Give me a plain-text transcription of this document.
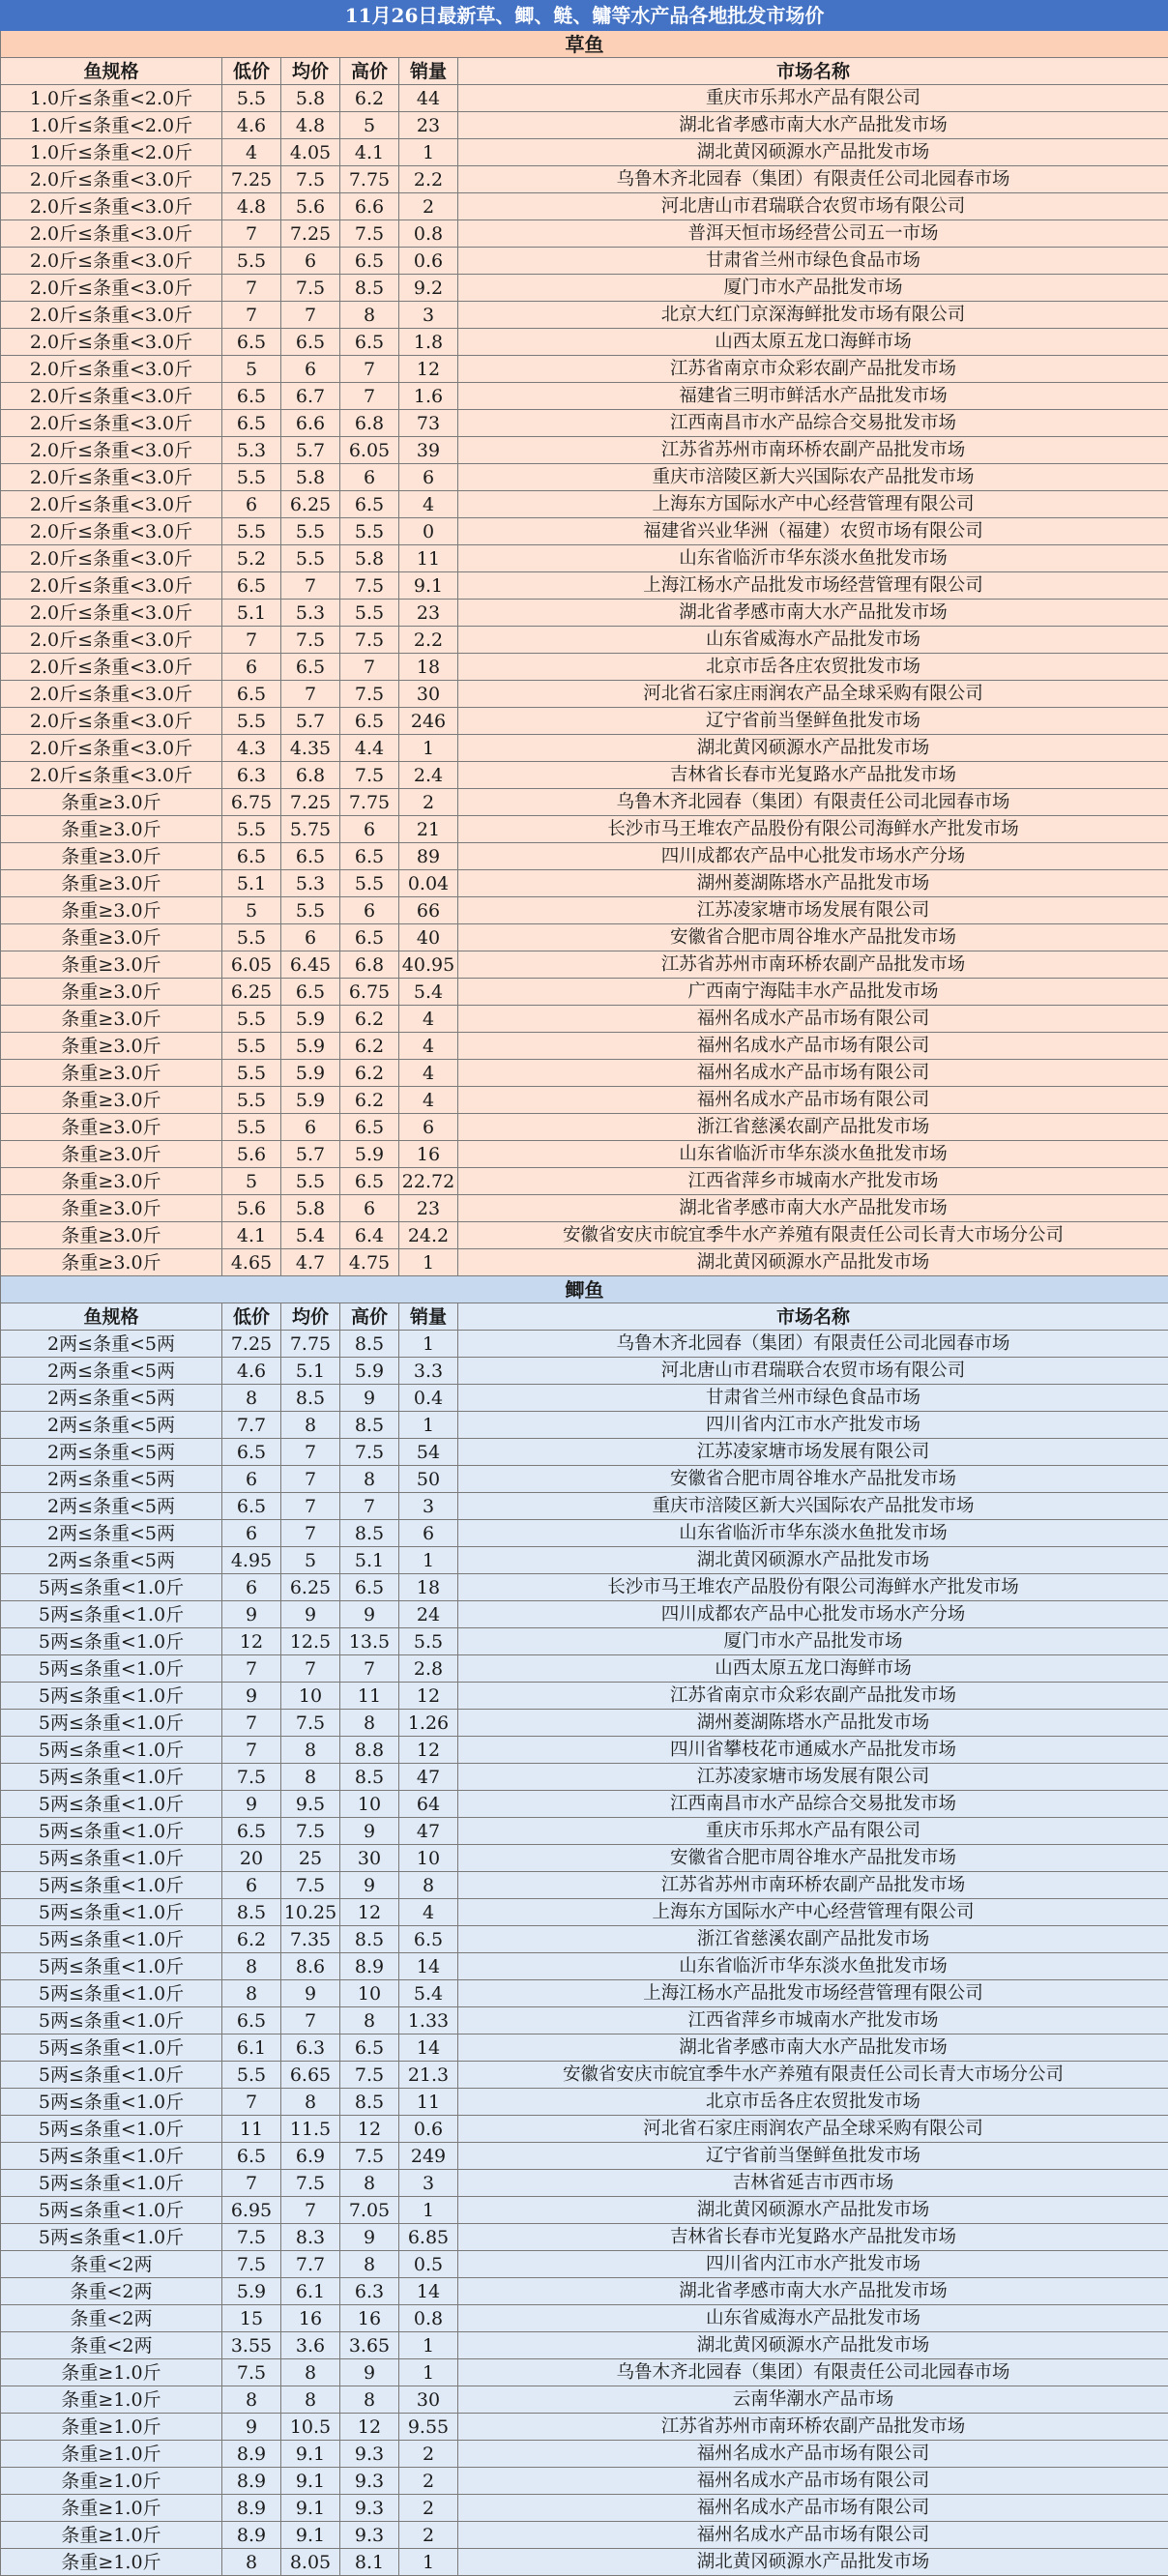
11月26日最新草、鲫、鲢、鳙等水产品各地批发市场价					
草鱼					
鱼规格	低价	均价	高价	销量	市场名称
1.0斤≤条重<2.0斤	5.5	5.8	6.2	44	重庆市乐邦水产品有限公司
1.0斤≤条重<2.0斤	4.6	4.8	5	23	湖北省孝感市南大水产品批发市场
1.0斤≤条重<2.0斤	4	4.05	4.1	1	湖北黄冈硕源水产品批发市场
2.0斤≤条重<3.0斤	7.25	7.5	7.75	2.2	乌鲁木齐北园春（集团）有限责任公司北园春市场
2.0斤≤条重<3.0斤	4.8	5.6	6.6	2	河北唐山市君瑞联合农贸市场有限公司
2.0斤≤条重<3.0斤	7	7.25	7.5	0.8	普洱天恒市场经营公司五一市场
2.0斤≤条重<3.0斤	5.5	6	6.5	0.6	甘肃省兰州市绿色食品市场
2.0斤≤条重<3.0斤	7	7.5	8.5	9.2	厦门市水产品批发市场
2.0斤≤条重<3.0斤	7	7	8	3	北京大红门京深海鲜批发市场有限公司
2.0斤≤条重<3.0斤	6.5	6.5	6.5	1.8	山西太原五龙口海鲜市场
2.0斤≤条重<3.0斤	5	6	7	12	江苏省南京市众彩农副产品批发市场
2.0斤≤条重<3.0斤	6.5	6.7	7	1.6	福建省三明市鲜活水产品批发市场
2.0斤≤条重<3.0斤	6.5	6.6	6.8	73	江西南昌市水产品综合交易批发市场
2.0斤≤条重<3.0斤	5.3	5.7	6.05	39	江苏省苏州市南环桥农副产品批发市场
2.0斤≤条重<3.0斤	5.5	5.8	6	6	重庆市涪陵区新大兴国际农产品批发市场
2.0斤≤条重<3.0斤	6	6.25	6.5	4	上海东方国际水产中心经营管理有限公司
2.0斤≤条重<3.0斤	5.5	5.5	5.5	0	福建省兴业华洲（福建）农贸市场有限公司
2.0斤≤条重<3.0斤	5.2	5.5	5.8	11	山东省临沂市华东淡水鱼批发市场
2.0斤≤条重<3.0斤	6.5	7	7.5	9.1	上海江杨水产品批发市场经营管理有限公司
2.0斤≤条重<3.0斤	5.1	5.3	5.5	23	湖北省孝感市南大水产品批发市场
2.0斤≤条重<3.0斤	7	7.5	7.5	2.2	山东省威海水产品批发市场
2.0斤≤条重<3.0斤	6	6.5	7	18	北京市岳各庄农贸批发市场
2.0斤≤条重<3.0斤	6.5	7	7.5	30	河北省石家庄雨润农产品全球采购有限公司
2.0斤≤条重<3.0斤	5.5	5.7	6.5	246	辽宁省前当堡鲜鱼批发市场
2.0斤≤条重<3.0斤	4.3	4.35	4.4	1	湖北黄冈硕源水产品批发市场
2.0斤≤条重<3.0斤	6.3	6.8	7.5	2.4	吉林省长春市光复路水产品批发市场
条重≥3.0斤	6.75	7.25	7.75	2	乌鲁木齐北园春（集团）有限责任公司北园春市场
条重≥3.0斤	5.5	5.75	6	21	长沙市马王堆农产品股份有限公司海鲜水产批发市场
条重≥3.0斤	6.5	6.5	6.5	89	四川成都农产品中心批发市场水产分场
条重≥3.0斤	5.1	5.3	5.5	0.04	湖州菱湖陈塔水产品批发市场
条重≥3.0斤	5	5.5	6	66	江苏凌家塘市场发展有限公司
条重≥3.0斤	5.5	6	6.5	40	安徽省合肥市周谷堆水产品批发市场
条重≥3.0斤	6.05	6.45	6.8	40.95	江苏省苏州市南环桥农副产品批发市场
条重≥3.0斤	6.25	6.5	6.75	5.4	广西南宁海陆丰水产品批发市场
条重≥3.0斤	5.5	5.9	6.2	4	福州名成水产品市场有限公司
条重≥3.0斤	5.5	5.9	6.2	4	福州名成水产品市场有限公司
条重≥3.0斤	5.5	5.9	6.2	4	福州名成水产品市场有限公司
条重≥3.0斤	5.5	5.9	6.2	4	福州名成水产品市场有限公司
条重≥3.0斤	5.5	6	6.5	6	浙江省慈溪农副产品批发市场
条重≥3.0斤	5.6	5.7	5.9	16	山东省临沂市华东淡水鱼批发市场
条重≥3.0斤	5	5.5	6.5	22.72	江西省萍乡市城南水产批发市场
条重≥3.0斤	5.6	5.8	6	23	湖北省孝感市南大水产品批发市场
条重≥3.0斤	4.1	5.4	6.4	24.2	安徽省安庆市皖宜季牛水产养殖有限责任公司长青大市场分公司
条重≥3.0斤	4.65	4.7	4.75	1	湖北黄冈硕源水产品批发市场
鲫鱼					
鱼规格	低价	均价	高价	销量	市场名称
2两≤条重<5两	7.25	7.75	8.5	1	乌鲁木齐北园春（集团）有限责任公司北园春市场
2两≤条重<5两	4.6	5.1	5.9	3.3	河北唐山市君瑞联合农贸市场有限公司
2两≤条重<5两	8	8.5	9	0.4	甘肃省兰州市绿色食品市场
2两≤条重<5两	7.7	8	8.5	1	四川省内江市水产批发市场
2两≤条重<5两	6.5	7	7.5	54	江苏凌家塘市场发展有限公司
2两≤条重<5两	6	7	8	50	安徽省合肥市周谷堆水产品批发市场
2两≤条重<5两	6.5	7	7	3	重庆市涪陵区新大兴国际农产品批发市场
2两≤条重<5两	6	7	8.5	6	山东省临沂市华东淡水鱼批发市场
2两≤条重<5两	4.95	5	5.1	1	湖北黄冈硕源水产品批发市场
5两≤条重<1.0斤	6	6.25	6.5	18	长沙市马王堆农产品股份有限公司海鲜水产批发市场
5两≤条重<1.0斤	9	9	9	24	四川成都农产品中心批发市场水产分场
5两≤条重<1.0斤	12	12.5	13.5	5.5	厦门市水产品批发市场
5两≤条重<1.0斤	7	7	7	2.8	山西太原五龙口海鲜市场
5两≤条重<1.0斤	9	10	11	12	江苏省南京市众彩农副产品批发市场
5两≤条重<1.0斤	7	7.5	8	1.26	湖州菱湖陈塔水产品批发市场
5两≤条重<1.0斤	7	8	8.8	12	四川省攀枝花市通威水产品批发市场
5两≤条重<1.0斤	7.5	8	8.5	47	江苏凌家塘市场发展有限公司
5两≤条重<1.0斤	9	9.5	10	64	江西南昌市水产品综合交易批发市场
5两≤条重<1.0斤	6.5	7.5	9	47	重庆市乐邦水产品有限公司
5两≤条重<1.0斤	20	25	30	10	安徽省合肥市周谷堆水产品批发市场
5两≤条重<1.0斤	6	7.5	9	8	江苏省苏州市南环桥农副产品批发市场
5两≤条重<1.0斤	8.5	10.25	12	4	上海东方国际水产中心经营管理有限公司
5两≤条重<1.0斤	6.2	7.35	8.5	6.5	浙江省慈溪农副产品批发市场
5两≤条重<1.0斤	8	8.6	8.9	14	山东省临沂市华东淡水鱼批发市场
5两≤条重<1.0斤	8	9	10	5.4	上海江杨水产品批发市场经营管理有限公司
5两≤条重<1.0斤	6.5	7	8	1.33	江西省萍乡市城南水产批发市场
5两≤条重<1.0斤	6.1	6.3	6.5	14	湖北省孝感市南大水产品批发市场
5两≤条重<1.0斤	5.5	6.65	7.5	21.3	安徽省安庆市皖宜季牛水产养殖有限责任公司长青大市场分公司
5两≤条重<1.0斤	7	8	8.5	11	北京市岳各庄农贸批发市场
5两≤条重<1.0斤	11	11.5	12	0.6	河北省石家庄雨润农产品全球采购有限公司
5两≤条重<1.0斤	6.5	6.9	7.5	249	辽宁省前当堡鲜鱼批发市场
5两≤条重<1.0斤	7	7.5	8	3	吉林省延吉市西市场
5两≤条重<1.0斤	6.95	7	7.05	1	湖北黄冈硕源水产品批发市场
5两≤条重<1.0斤	7.5	8.3	9	6.85	吉林省长春市光复路水产品批发市场
条重<2两	7.5	7.7	8	0.5	四川省内江市水产批发市场
条重<2两	5.9	6.1	6.3	14	湖北省孝感市南大水产品批发市场
条重<2两	15	16	16	0.8	山东省威海水产品批发市场
条重<2两	3.55	3.6	3.65	1	湖北黄冈硕源水产品批发市场
条重≥1.0斤	7.5	8	9	1	乌鲁木齐北园春（集团）有限责任公司北园春市场
条重≥1.0斤	8	8	8	30	云南华潮水产品市场
条重≥1.0斤	9	10.5	12	9.55	江苏省苏州市南环桥农副产品批发市场
条重≥1.0斤	8.9	9.1	9.3	2	福州名成水产品市场有限公司
条重≥1.0斤	8.9	9.1	9.3	2	福州名成水产品市场有限公司
条重≥1.0斤	8.9	9.1	9.3	2	福州名成水产品市场有限公司
条重≥1.0斤	8.9	9.1	9.3	2	福州名成水产品市场有限公司
条重≥1.0斤	8	8.05	8.1	1	湖北黄冈硕源水产品批发市场
